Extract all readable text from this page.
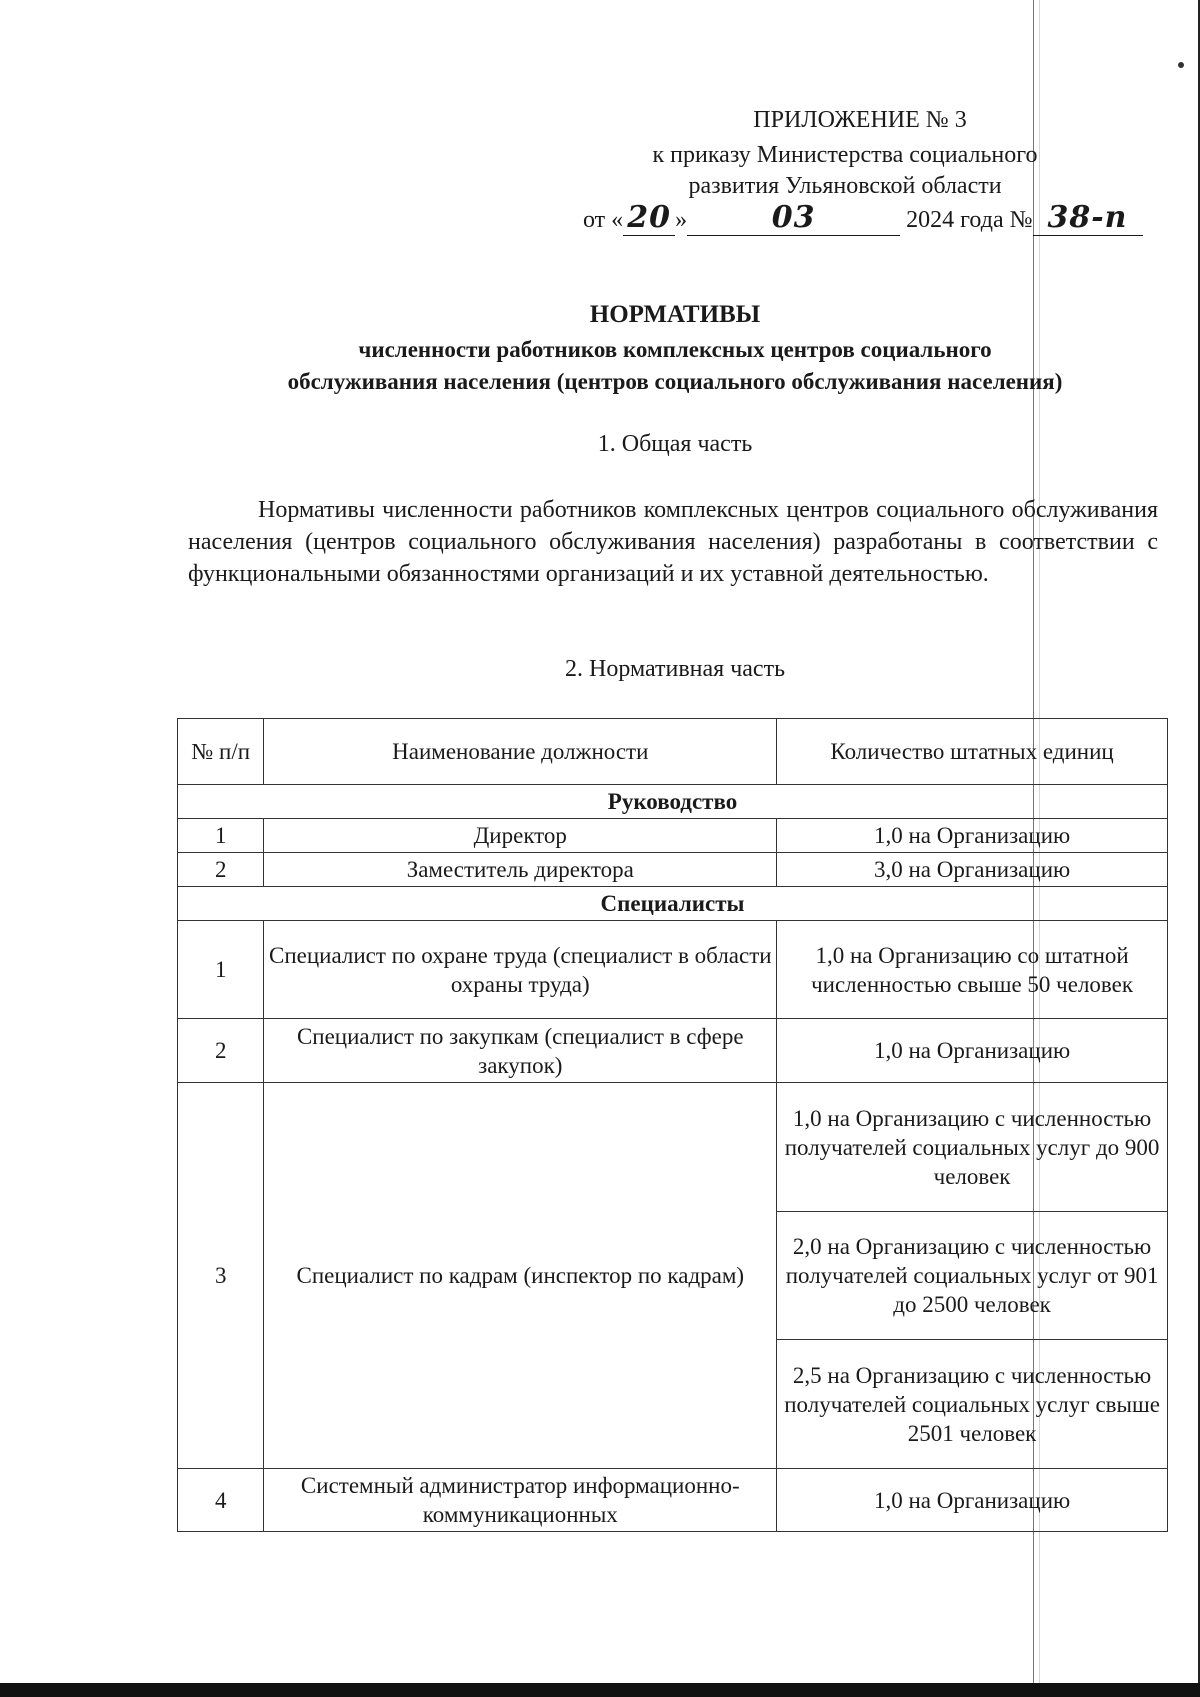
ПРИЛОЖЕНИЕ № 3
к приказу Министерства социального
развития Ульяновской области
от « 20 »	03	2024 года № 38-п
НОРМАТИВЫ
численности работников комплексных центров социального
обслуживания населения (центров социального обслуживания населения)
1. Общая часть
Нормативы численности работников комплексных центров социального обслуживания населения (центров социального обслуживания населения) разработаны в соответствии с функциональными обязанностями организаций и их уставной деятельностью.
2. Нормативная часть
№ п/п	Наименование должности	Количество штатных единиц
Руководство		
1	Директор	1,0 на Организацию
2	Заместитель директора	3,0 на Организацию
Специалисты		
1	Специалист по охране труда (специалист в области охраны труда)	1,0 на Организацию со штатной численностью свыше 50 человек
2	Специалист по закупкам (специалист в сфере закупок)	1,0 на Организацию
3	Специалист по кадрам (инспектор по кадрам)	1,0 на Организацию с численностью получателей социальных услуг до 900 человек
		2,0 на Организацию с численностью получателей социальных услуг от 901 до 2500 человек
		2,5 на Организацию с численностью получателей социальных услуг свыше 2501 человек
4	Системный администратор информационно-коммуникационных	1,0 на Организацию
